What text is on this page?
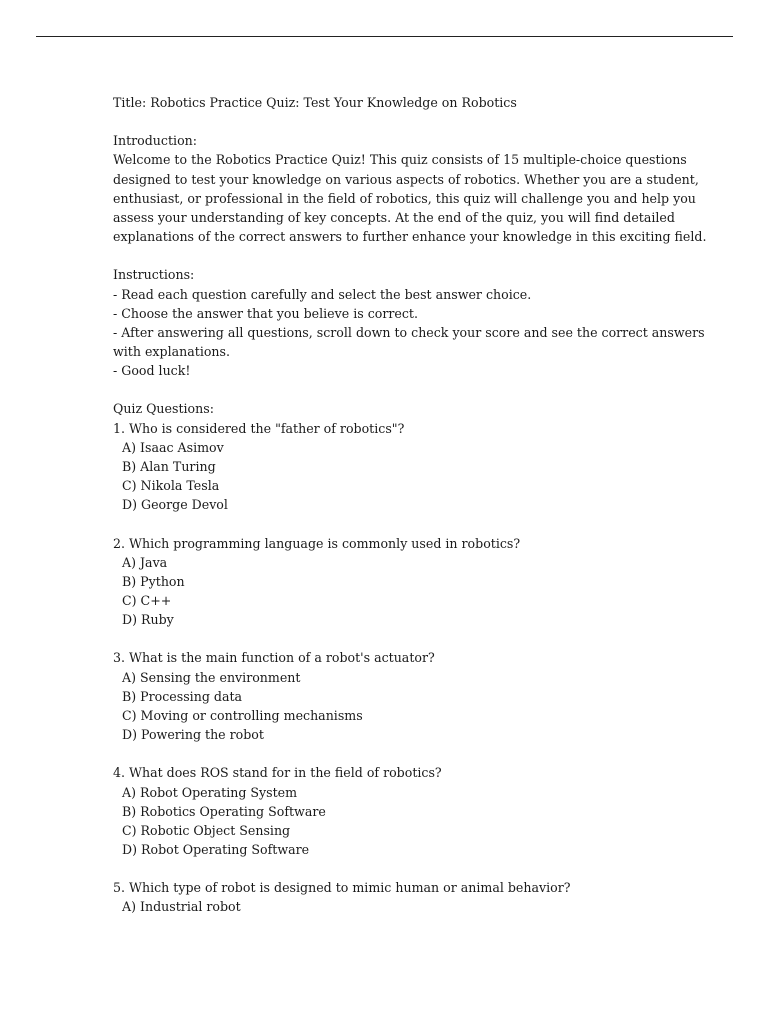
Title: Robotics Practice Quiz: Test Your Knowledge on Robotics
Introduction:
Welcome to the Robotics Practice Quiz! This quiz consists of 15 multiple-choice questions
designed to test your knowledge on various aspects of robotics. Whether you are a student,
enthusiast, or professional in the field of robotics, this quiz will challenge you and help you
assess your understanding of key concepts. At the end of the quiz, you will find detailed
explanations of the correct answers to further enhance your knowledge in this exciting field.
Instructions:
- Read each question carefully and select the best answer choice.
- Choose the answer that you believe is correct.
- After answering all questions, scroll down to check your score and see the correct answers
with explanations.
- Good luck!
Quiz Questions:
1. Who is considered the "father of robotics"?
A) Isaac Asimov
B) Alan Turing
C) Nikola Tesla
D) George Devol
2. Which programming language is commonly used in robotics?
A) Java
B) Python
C) C++
D) Ruby
3. What is the main function of a robot's actuator?
A) Sensing the environment
B) Processing data
C) Moving or controlling mechanisms
D) Powering the robot
4. What does ROS stand for in the field of robotics?
A) Robot Operating System
B) Robotics Operating Software
C) Robotic Object Sensing
D) Robot Operating Software
5. Which type of robot is designed to mimic human or animal behavior?
A) Industrial robot
